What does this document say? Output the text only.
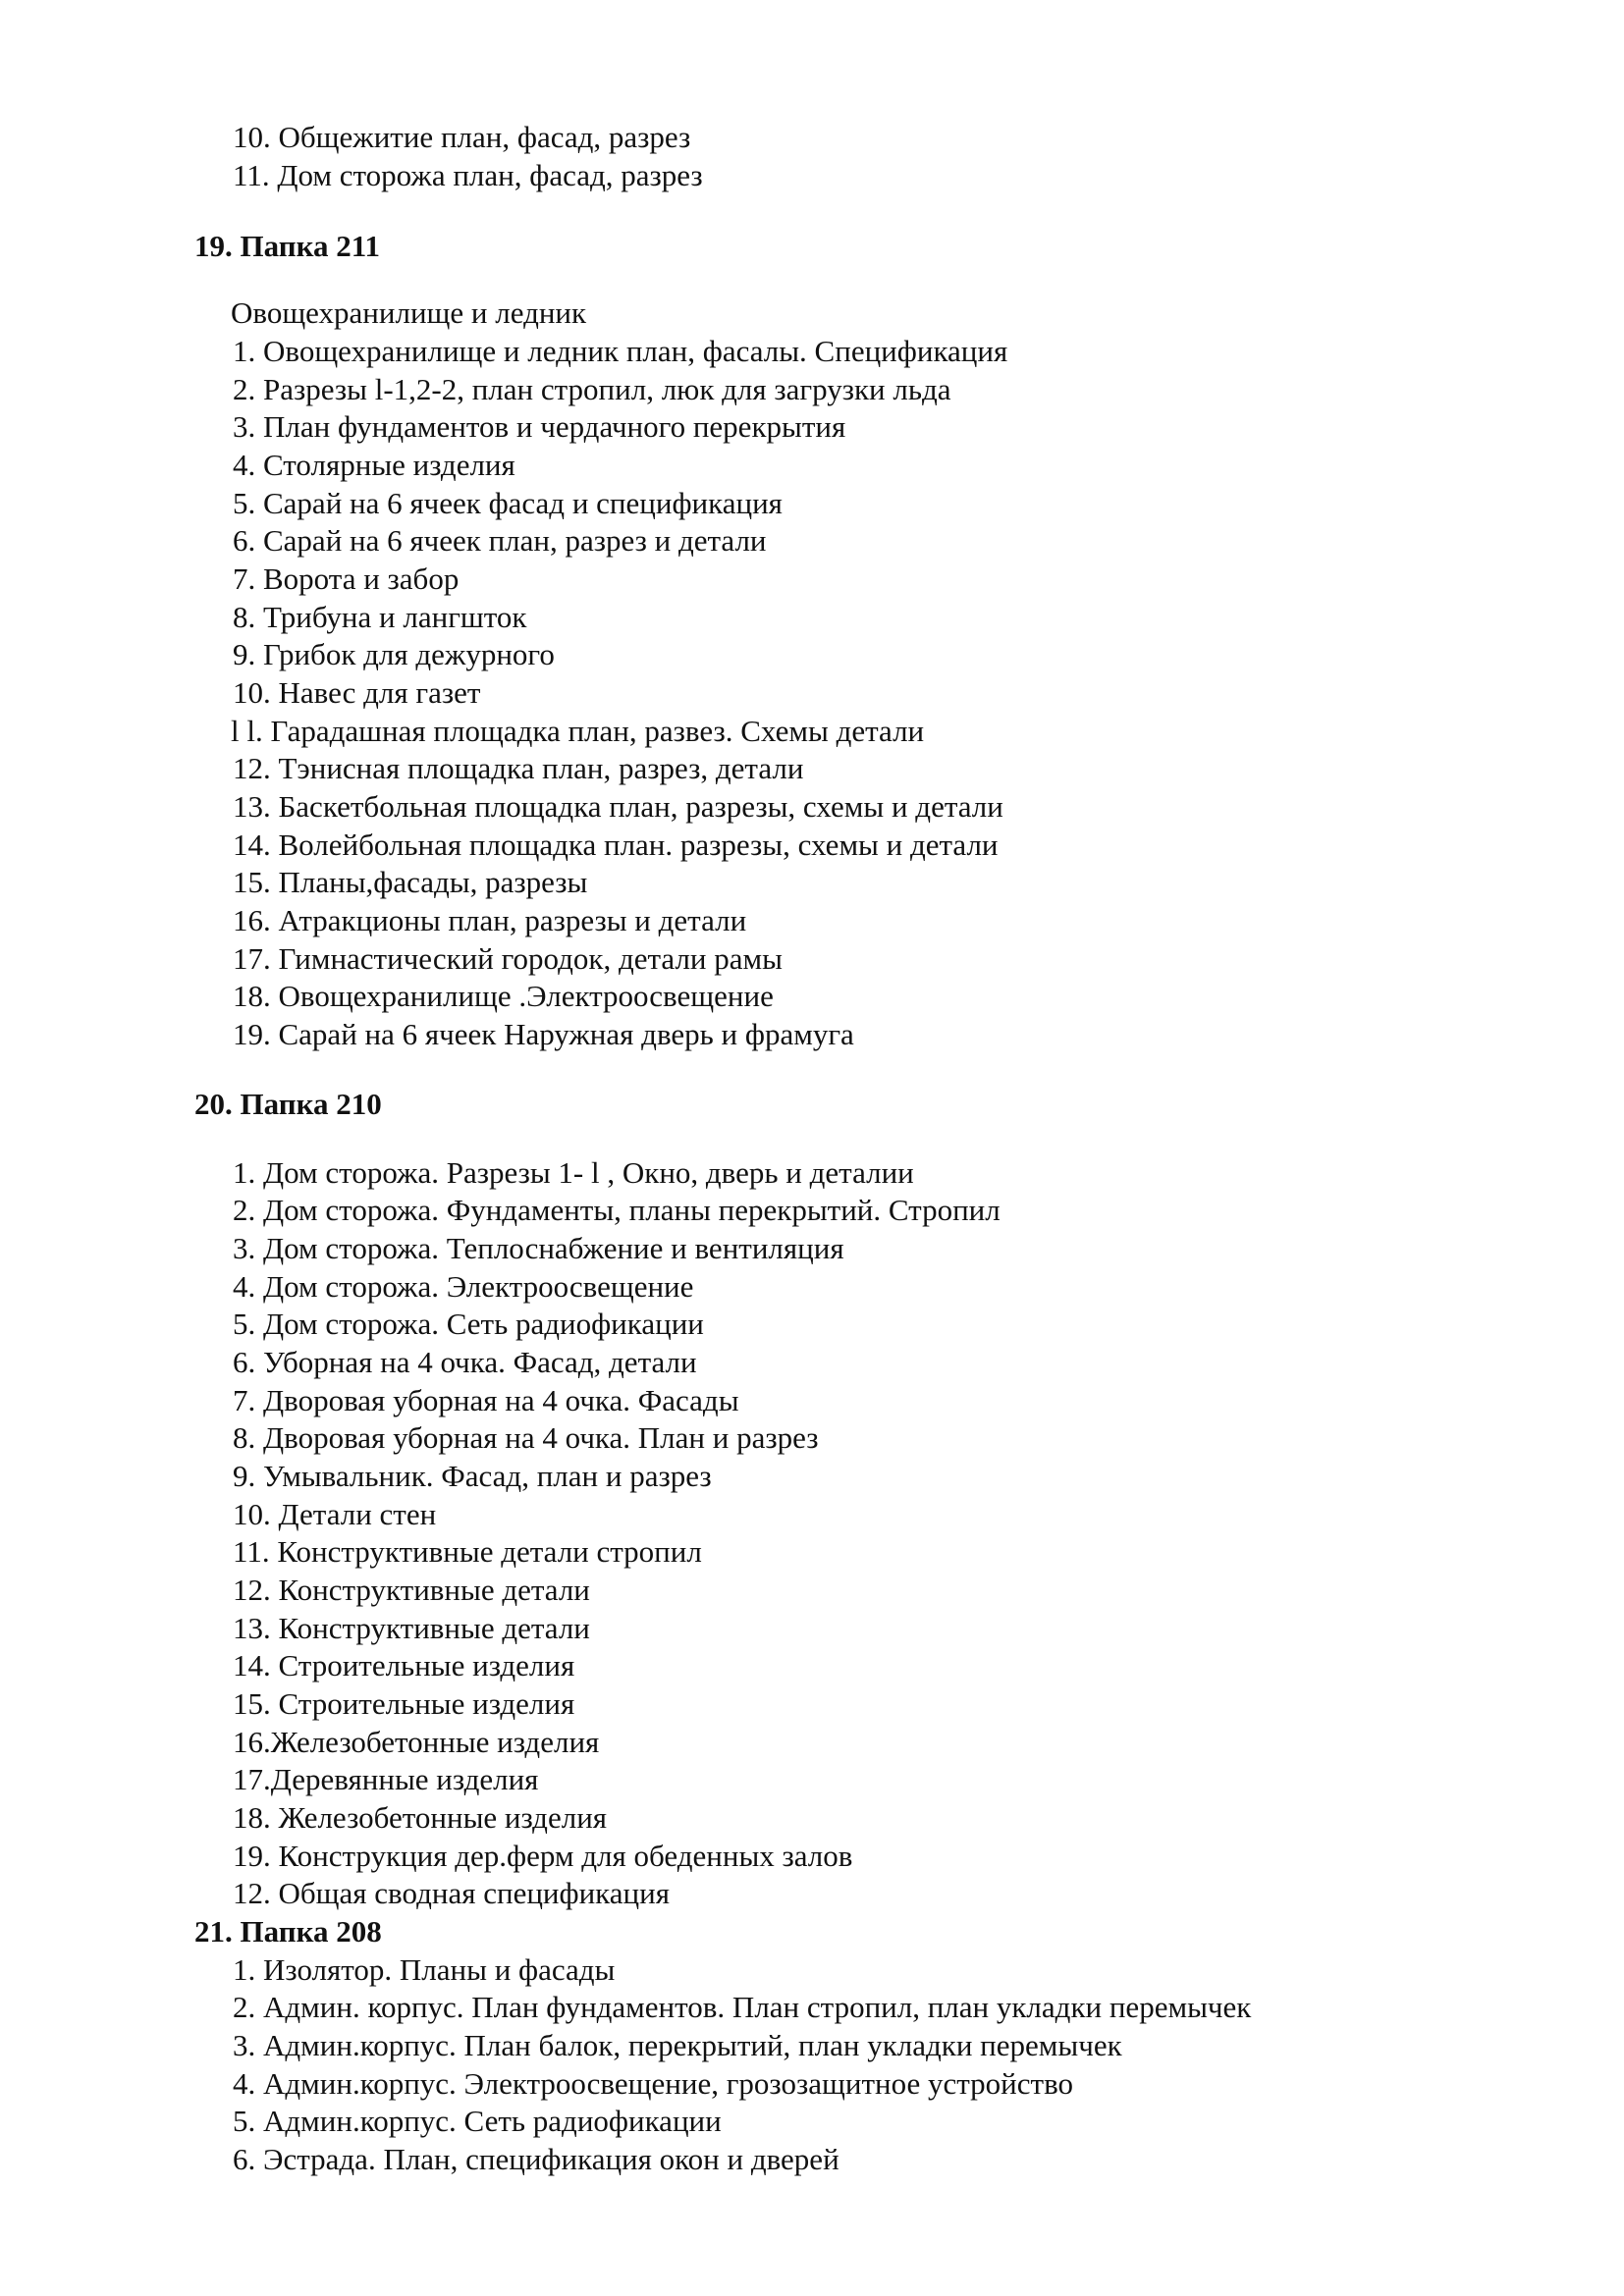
10. Общежитие план, фасад, разрез

11. Дом сторожа план, фасад, разрез

19. Папка 211

Овощехранилище и ледник

1. Овощехранилище и ледник план, фасалы. Спецификация

2. Разрезы l-1,2-2, план стропил, люк для загрузки льда

3. План фундаментов и чердачного перекрытия

4. Столярные изделия

5. Сарай на 6 ячеек фасад и спецификация

6. Сарай на 6 ячеек план, разрез и детали

7. Ворота и забор

8. Трибуна и лангшток

9. Грибок для дежурного

10. Навес для газет

l l. Гарадашная площадка план, развез. Схемы детали

12. Тэнисная площадка план, разрез, детали

13. Баскетбольная площадка план, разрезы, схемы и детали

14. Волейбольная площадка план. разрезы, схемы и детали

15. Планы,фасады, разрезы

16. Атракционы план, разрезы и детали

17. Гимнастический городок, детали рамы

18. Овощехранилище .Электроосвещение

19. Сарай на 6 ячеек Наружная дверь и фрамуга

20. Папка 210

1. Дом сторожа. Разрезы 1- l , Окно, дверь и деталии

2. Дом сторожа. Фундаменты, планы перекрытий. Стропил

3. Дом сторожа. Теплоснабжение и вентиляция

4. Дом сторожа. Электроосвещение

5. Дом сторожа. Сеть радиофикации

6. Уборная на 4 очка. Фасад, детали

7. Дворовая уборная на 4 очка. Фасады

8. Дворовая уборная на 4 очка. План и разрез

9. Умывальник. Фасад, план и разрез

10. Детали стен

11. Конструктивные детали стропил

12. Конструктивные детали

13. Конструктивные детали

14. Строительные изделия

15. Строительные изделия

16.Железобетонные изделия

17.Деревянные изделия

18. Железобетонные изделия

19. Конструкция дер.ферм для обеденных залов

12. Общая сводная спецификация

21. Папка 208

1. Изолятор. Планы и фасады

2. Админ. корпус. План фундаментов. План стропил, план укладки перемычек

3. Админ.корпус. План балок, перекрытий, план укладки перемычек

4. Админ.корпус. Электроосвещение, грозозащитное устройство

5. Админ.корпус. Сеть радиофикации

6. Эстрада. План, спецификация окон и дверей
